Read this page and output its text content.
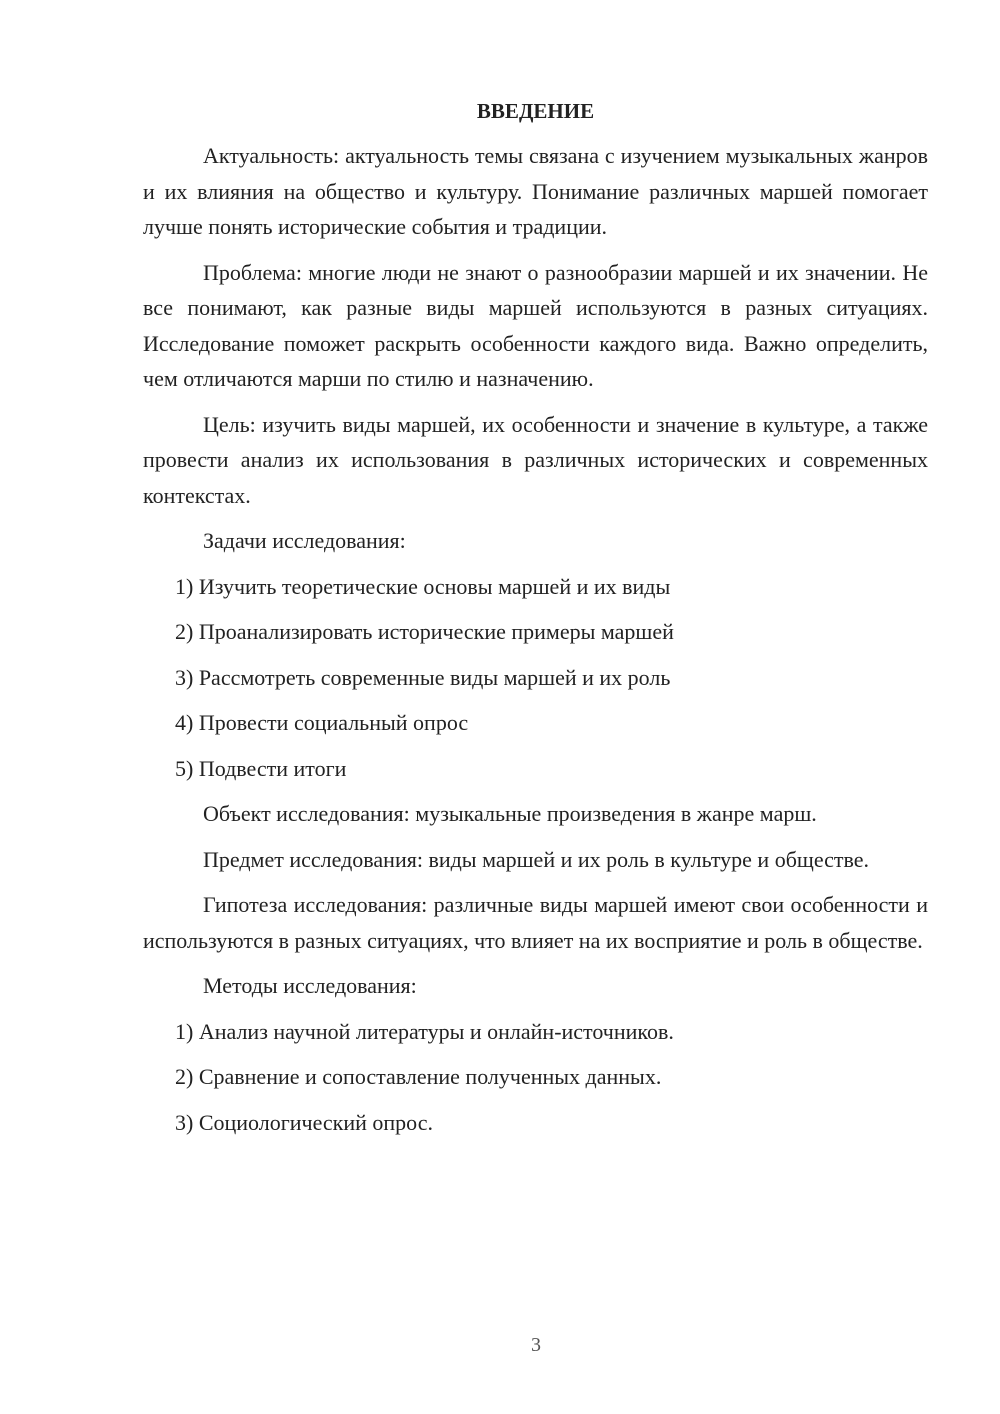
ВВЕДЕНИЕ

Актуальность: актуальность темы связана с изучением музыкальных жанров и их влияния на общество и культуру. Понимание различных маршей помогает лучше понять исторические события и традиции.

Проблема: многие люди не знают о разнообразии маршей и их значении. Не все понимают, как разные виды маршей используются в разных ситуациях. Исследование поможет раскрыть особенности каждого вида. Важно определить, чем отличаются марши по стилю и назначению.

Цель: изучить виды маршей, их особенности и значение в культуре, а также провести анализ их использования в различных исторических и современных контекстах.

Задачи исследования:

1) Изучить теоретические основы маршей и их виды

2) Проанализировать исторические примеры маршей

3) Рассмотреть современные виды маршей и их роль

4) Провести социальный опрос

5) Подвести итоги

Объект исследования: музыкальные произведения в жанре марш.

Предмет исследования: виды маршей и их роль в культуре и обществе.

Гипотеза исследования: различные виды маршей имеют свои особенности и используются в разных ситуациях, что влияет на их восприятие и роль в обществе.

Методы исследования:

1) Анализ научной литературы и онлайн-источников.

2) Сравнение и сопоставление полученных данных.

3) Социологический опрос.

3
